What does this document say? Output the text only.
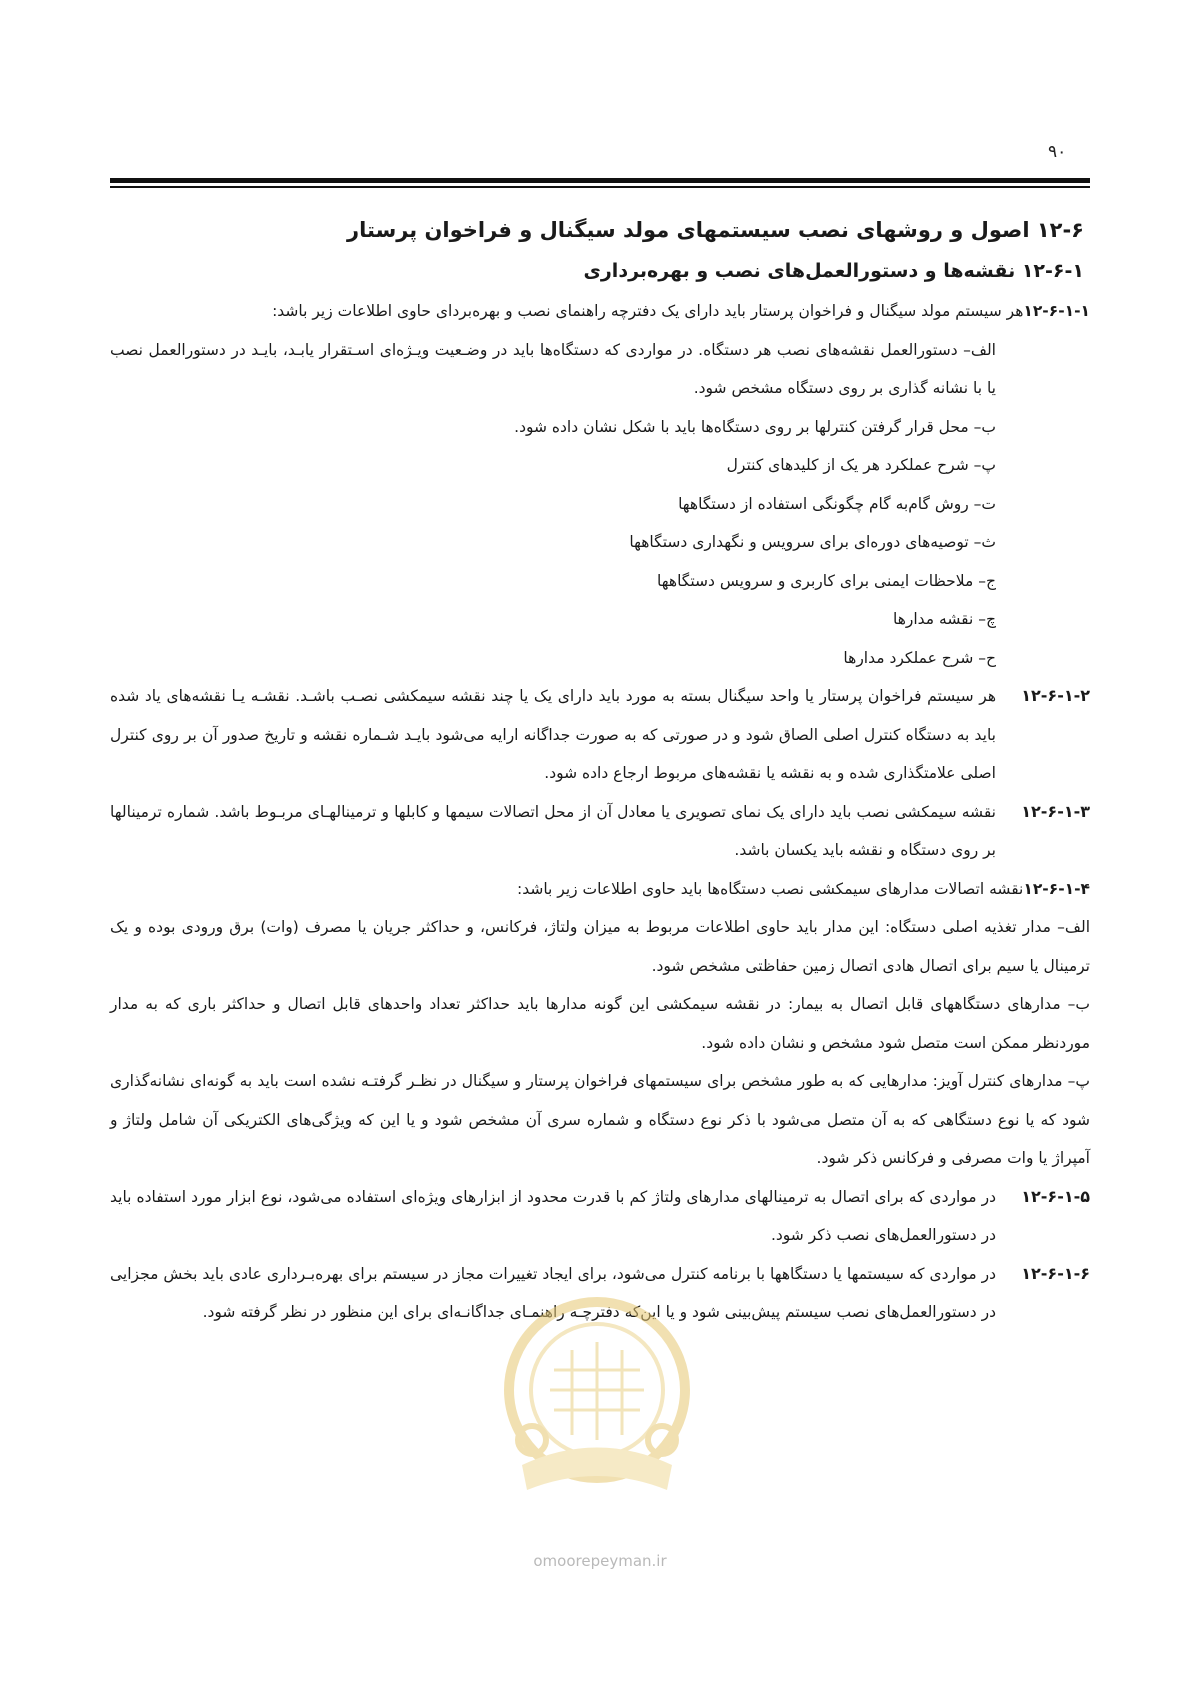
۹۰
۱۲-۶ اصول و روشهای نصب سیستمهای مولد سیگنال و فراخوان پرستار
۱۲-۶-۱ نقشه‌ها و دستورالعمل‌های نصب و بهره‌برداری

۱۲-۶-۱-۱هر سیستم مولد سیگنال و فراخوان پرستار باید دارای یک دفترچه راهنمای نصب و بهره‌بردای حاوی اطلاعات زیر باشد:

الف– دستورالعمل نقشه‌های نصب هر دستگاه. در مواردی که دستگاه‌ها باید در وضـعیت ویـژه‌ای اسـتقرار یابـد، بایـد در دستورالعمل نصب یا با نشانه گذاری بر روی دستگاه مشخص شود.

ب– محل قرار گرفتن کنترلها بر روی دستگاه‌ها باید با شکل نشان داده شود.

پ– شرح عملکرد هر یک از کلیدهای کنترل

ت– روش گام‌به گام چگونگی استفاده از دستگاهها

ث– توصیه‌های دوره‌ای برای سرویس و نگهداری دستگاهها

ج– ملاحظات ایمنی برای کاربری و سرویس دستگاهها

چ– نقشه مدارها

ح– شرح عملکرد مدارها

۱۲-۶-۱-۲

هر سیستم فراخوان پرستار یا واحد سیگنال بسته به مورد باید دارای یک یا چند نقشه سیمکشی نصـب باشـد. نقشـه یـا نقشه‌های یاد شده باید به دستگاه کنترل اصلی الصاق شود و در صورتی که به صورت جداگانه ارایه می‌شود بایـد شـماره نقشه و تاریخ صدور آن بر روی کنترل اصلی علامتگذاری شده و به نقشه یا نقشه‌های مربوط ارجاع داده شود.

۱۲-۶-۱-۳

نقشه سیمکشی نصب باید دارای یک نمای تصویری یا معادل آن از محل اتصالات سیمها و کابلها و ترمینالهـای مربـوط باشد. شماره ترمینالها بر روی دستگاه و نقشه باید یکسان باشد.

۱۲-۶-۱-۴نقشه اتصالات مدارهای سیمکشی نصب دستگاه‌ها باید حاوی اطلاعات زیر باشد:

الف– مدار تغذیه اصلی دستگاه: این مدار باید حاوی اطلاعات مربوط به میزان ولتاژ، فرکانس، و حداکثر جریان یا مصرف (وات) برق ورودی بوده و یک ترمینال یا سیم برای اتصال هادی اتصال زمین حفاظتی مشخص شود.

ب– مدارهای دستگاههای قابل اتصال به بیمار: در نقشه سیمکشی این گونه مدارها باید حداکثر تعداد واحدهای قابل اتصال و حداکثر باری که به مدار موردنظر ممکن است متصل شود مشخص و نشان داده شود.

پ– مدارهای کنترل آویز: مدارهایی که به طور مشخص برای سیستمهای فراخوان پرستار و سیگنال در نظـر گرفتـه نشده است باید به گونه‌ای نشانه‌گذاری شود که یا نوع دستگاهی که به آن متصل می‌شود با ذکر نوع دستگاه و شماره سری آن مشخص شود و یا این که ویژگی‌های الکتریکی آن شامل ولتاژ و آمپراژ یا وات مصرفی و فرکانس ذکر شود.

۱۲-۶-۱-۵

در مواردی که برای اتصال به ترمینالهای مدارهای ولتاژ کم با قدرت محدود از ابزارهای ویژه‌ای استفاده می‌شود، نوع ابزار مورد استفاده باید در دستورالعمل‌های نصب ذکر شود.

۱۲-۶-۱-۶

در مواردی که سیستمها یا دستگاهها با برنامه کنترل می‌شود، برای ایجاد تغییرات مجاز در سیستم برای بهره‌بـرداری عادی باید بخش مجزایی در دستورالعمل‌های نصب سیستم پیش‌بینی شود و یا این‌که دفترچـه راهنمـای جداگانـه‌ای برای این منظور در نظر گرفته شود.

omoorepeyman.ir
